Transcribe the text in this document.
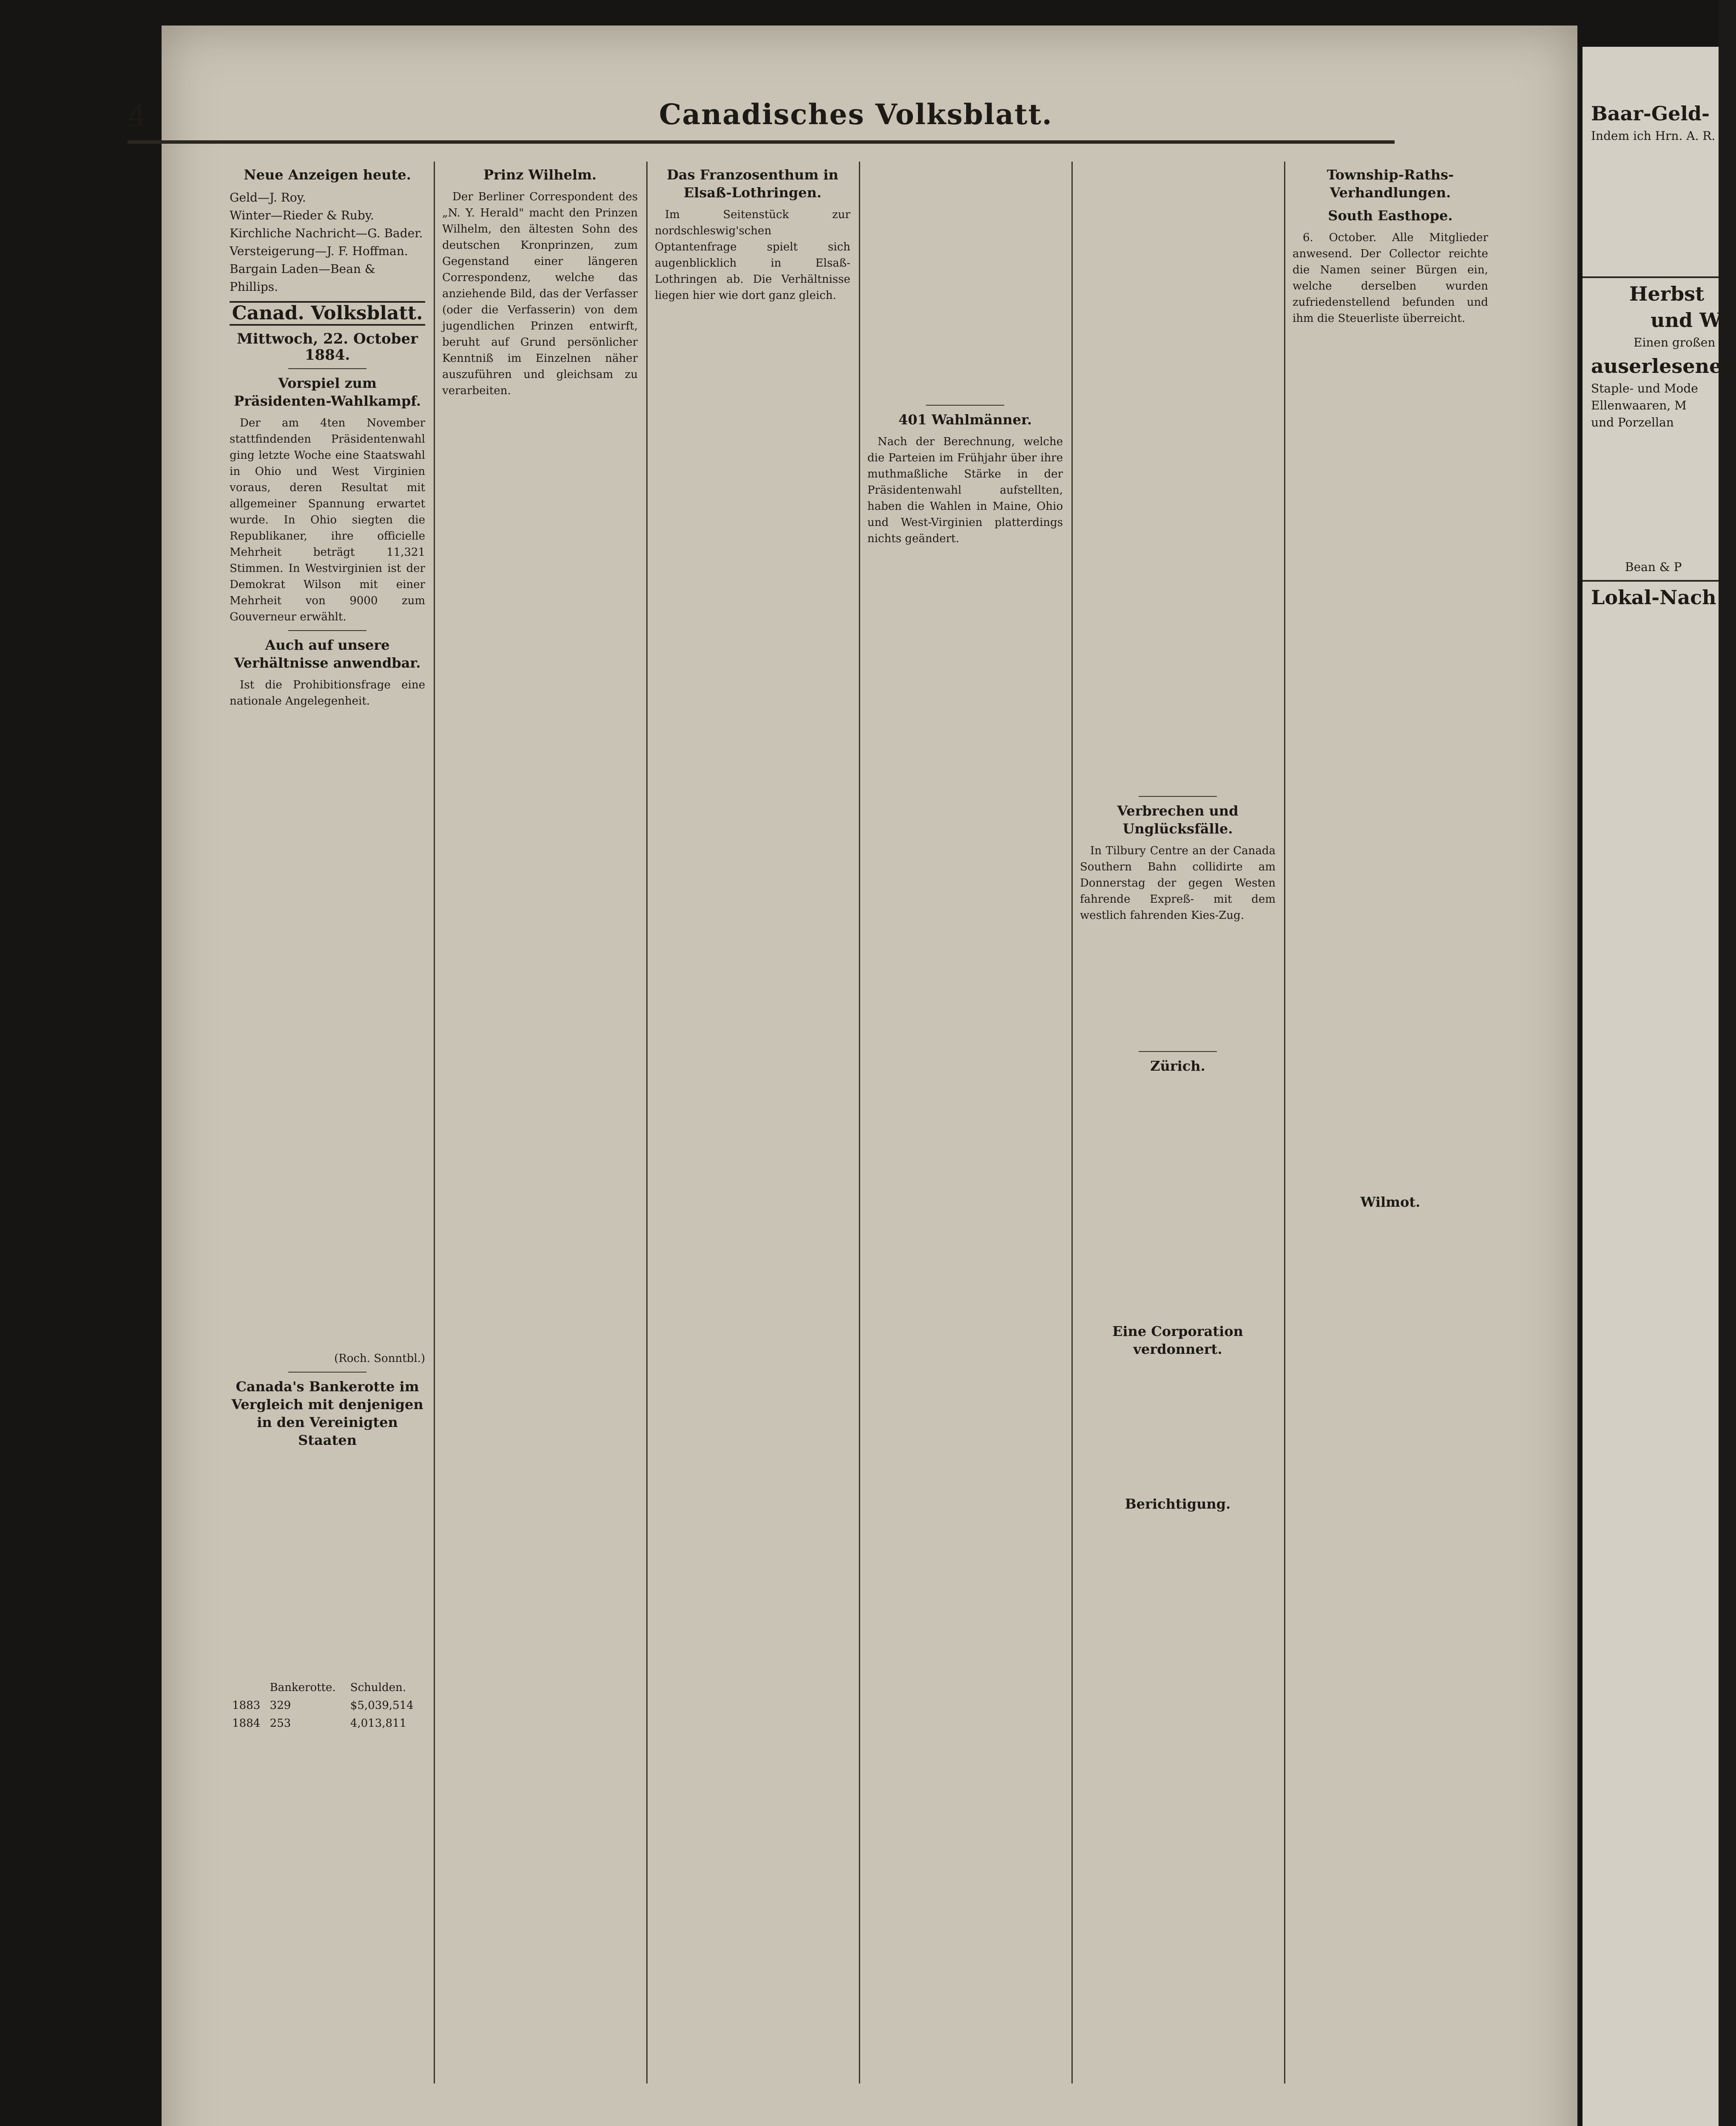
4	Canadisches Volksblatt.
Neue Anzeigen heute.
Geld—J. Roy.
Winter—Rieder & Ruby.
Kirchliche Nachricht—G. Bader.
Versteigerung—J. F. Hoffman.
Bargain Laden—Bean & Phillips.
Canad. Volksblatt.
Mittwoch, 22. October 1884.
Vorspiel zum Präsidenten-Wahlkampf.

Der am 4ten November stattfindenden Präsidentenwahl ging letzte Woche eine Staatswahl in Ohio und West Virginien voraus, deren Resultat mit allgemeiner Spannung erwartet wurde. In Ohio siegten die Republikaner, ihre officielle Mehrheit beträgt 11,321 Stimmen. In Westvirginien ist der Demokrat Wilson mit einer Mehrheit von 9000 zum Gouverneur erwählt.

Auch auf unsere Verhältnisse anwendbar.

Ist die Prohibitionsfrage eine nationale Angelegenheit.

(Roch. Sonntbl.)
Canada's Bankerotte im Vergleich mit denjenigen in den Vereinigten Staaten
	Bankerotte.	Schulden.
1883	329	$5,039,514
1884	253	4,013,811
Prinz Wilhelm.

Der Berliner Correspondent des „N. Y. Herald" macht den Prinzen Wilhelm, den ältesten Sohn des deutschen Kronprinzen, zum Gegenstand einer längeren Correspondenz, welche das anziehende Bild, das der Verfasser (oder die Verfasserin) von dem jugendlichen Prinzen entwirft, beruht auf Grund persönlicher Kenntniß im Einzelnen näher auszuführen und gleichsam zu verarbeiten.

Das Franzosenthum in Elsaß-Lothringen.

Im Seitenstück zur nordschleswig'schen Optantenfrage spielt sich augenblicklich in Elsaß-Lothringen ab. Die Verhältnisse liegen hier wie dort ganz gleich.

401 Wahlmänner.

Nach der Berechnung, welche die Parteien im Frühjahr über ihre muthmaßliche Stärke in der Präsidentenwahl aufstellten, haben die Wahlen in Maine, Ohio und West-Virginien platterdings nichts geändert.

Verbrechen und Unglücksfälle.

In Tilbury Centre an der Canada Southern Bahn collidirte am Donnerstag der gegen Westen fahrende Expreß- mit dem westlich fahrenden Kies-Zug.

Zürich.
Eine Corporation verdonnert.
Berichtigung.
Township-Raths-Verhandlungen.
South Easthope.

6. October. Alle Mitglieder anwesend. Der Collector reichte die Namen seiner Bürgen ein, welche derselben wurden zufriedenstellend befunden und ihm die Steuerliste überreicht.

Wilmot.
Baar-Geld-
Indem ich Hrn. A. R.
Herbst
und Wi
Einen großen
auserlesenen
Staple- und Mode
Ellenwaaren, M
und Porzellan
Bean & P
Lokal-Nach
